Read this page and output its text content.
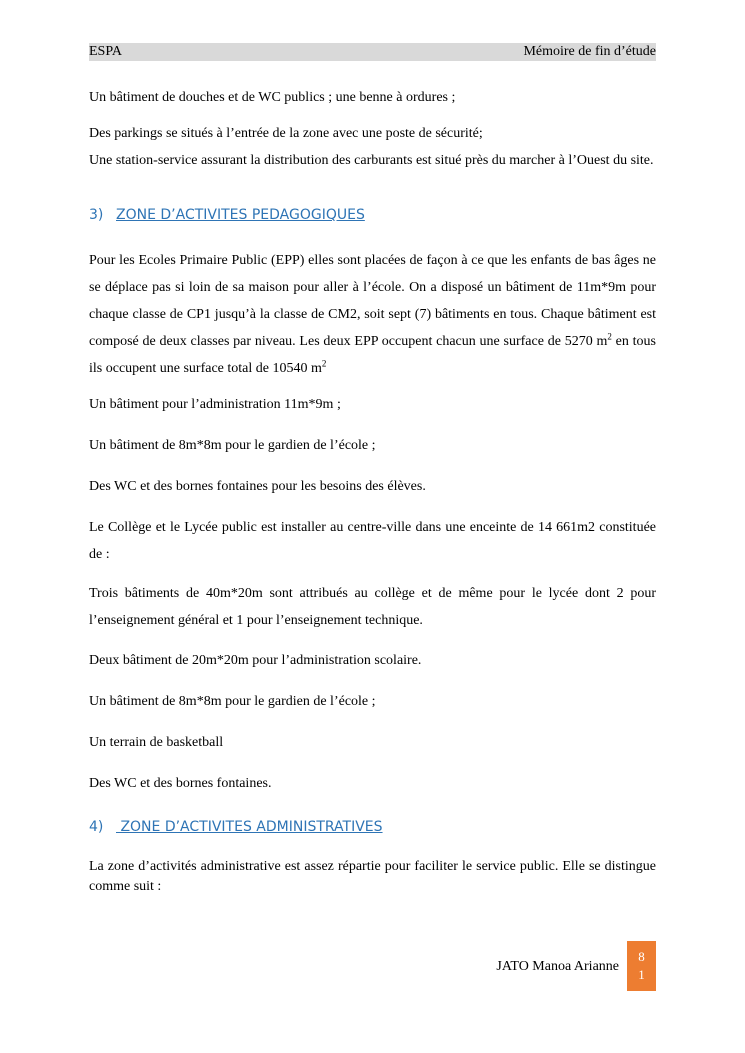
ESPA	Mémoire de fin d’étude

Un bâtiment de douches et de WC publics ; une benne à ordures ;

Des parkings se situés à l’entrée de la zone avec une poste de sécurité;

Une station-service assurant la distribution des carburants est situé près du marcher à l’Ouest du site.

3) ZONE D’ACTIVITES PEDAGOGIQUES

Pour les Ecoles Primaire Public (EPP) elles sont placées de façon à ce que les enfants de bas âges ne se déplace pas si loin de sa maison pour aller à l’école. On a disposé un bâtiment de 11m*9m pour chaque classe de CP1 jusqu’à la classe de CM2, soit sept (7) bâtiments en tous. Chaque bâtiment est composé de deux classes par niveau. Les deux EPP occupent chacun une surface de 5270 $m^2$ en tous ils occupent une surface total de 10540 $m^2$

Un bâtiment pour l’administration 11m*9m ;

Un bâtiment de 8m*8m pour le gardien de l’école ;

Des WC et des bornes fontaines pour les besoins des élèves.

Le Collège et le Lycée public est installer au centre-ville dans une enceinte de 14 661m2 constituée de :

Trois bâtiments de 40m*20m sont attribués au collège et de même pour le lycée dont 2 pour l’enseignement général et 1 pour l’enseignement technique.

Deux bâtiment de 20m*20m pour l’administration scolaire.

Un bâtiment de 8m*8m pour le gardien de l’école ;

Un terrain de basketball

Des WC et des bornes fontaines.

4) ZONE D’ACTIVITES ADMINISTRATIVES

La zone d’activités administrative est assez répartie pour faciliter le service public. Elle se distingue comme suit :

JATO Manoa Arianne
8
1
